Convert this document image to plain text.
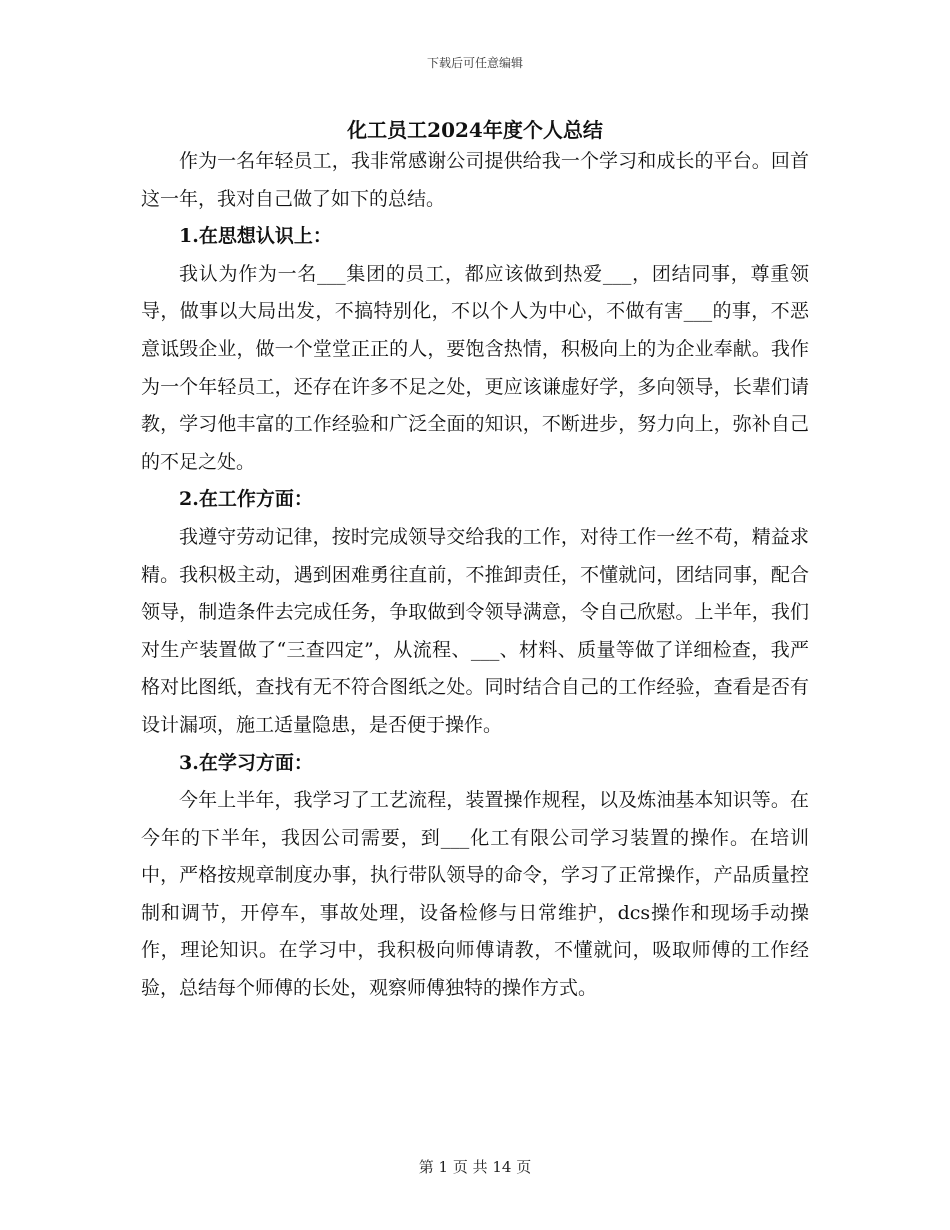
下载后可任意编辑
化工员工2024年度个人总结

作为一名年轻员工，我非常感谢公司提供给我一个学习和成长的平台。回首这一年，我对自己做了如下的总结。

1.在思想认识上：

我认为作为一名___集团的员工，都应该做到热爱___，团结同事，尊重领导，做事以大局出发，不搞特别化，不以个人为中心，不做有害___的事，不恶意诋毁企业，做一个堂堂正正的人，要饱含热情，积极向上的为企业奉献。我作为一个年轻员工，还存在许多不足之处，更应该谦虚好学，多向领导，长辈们请教，学习他丰富的工作经验和广泛全面的知识，不断进步，努力向上，弥补自己的不足之处。

2.在工作方面：

我遵守劳动记律，按时完成领导交给我的工作，对待工作一丝不苟，精益求精。我积极主动，遇到困难勇往直前，不推卸责任，不懂就问，团结同事，配合领导，制造条件去完成任务，争取做到令领导满意，令自己欣慰。上半年，我们对生产装置做了“三查四定”，从流程、___、材料、质量等做了详细检查，我严格对比图纸，查找有无不符合图纸之处。同时结合自己的工作经验，查看是否有设计漏项，施工适量隐患，是否便于操作。

3.在学习方面：

今年上半年，我学习了工艺流程，装置操作规程，以及炼油基本知识等。在今年的下半年，我因公司需要，到___化工有限公司学习装置的操作。在培训中，严格按规章制度办事，执行带队领导的命令，学习了正常操作，产品质量控制和调节，开停车，事故处理，设备检修与日常维护，dcs操作和现场手动操作，理论知识。在学习中，我积极向师傅请教，不懂就问，吸取师傅的工作经验，总结每个师傅的长处，观察师傅独特的操作方式。

第 1 页 共 14 页
